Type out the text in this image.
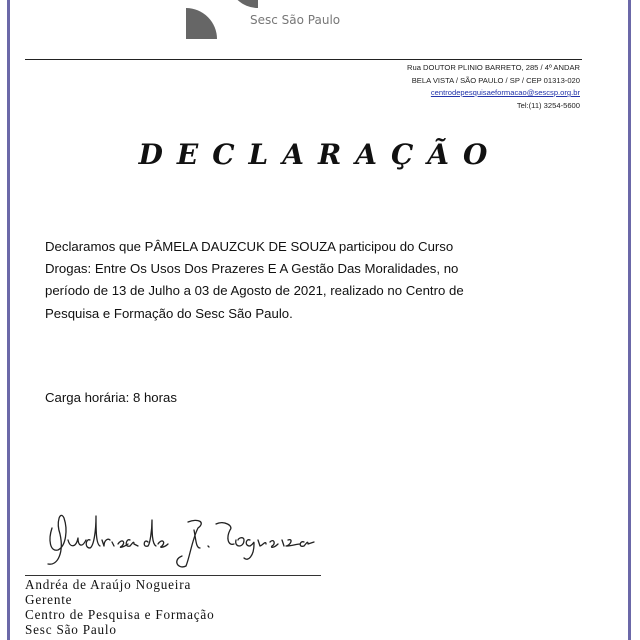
Sesc São Paulo
Rua DOUTOR PLINIO BARRETO, 285 / 4º ANDAR
BELA VISTA / SÃO PAULO / SP / CEP 01313-020
centrodepesquisaeformacao@sescsp.org.br
Tel:(11) 3254-5600
DECLARAÇÃO
Declaramos que PÂMELA DAUZCUK DE SOUZA participou do Curso
Drogas: Entre Os Usos Dos Prazeres E A Gestão Das Moralidades, no
período de 13 de Julho a 03 de Agosto de 2021, realizado no Centro de
Pesquisa e Formação do Sesc São Paulo.
Carga horária: 8 horas
Andréa de Araújo Nogueira
Gerente
Centro de Pesquisa e Formação
Sesc São Paulo
